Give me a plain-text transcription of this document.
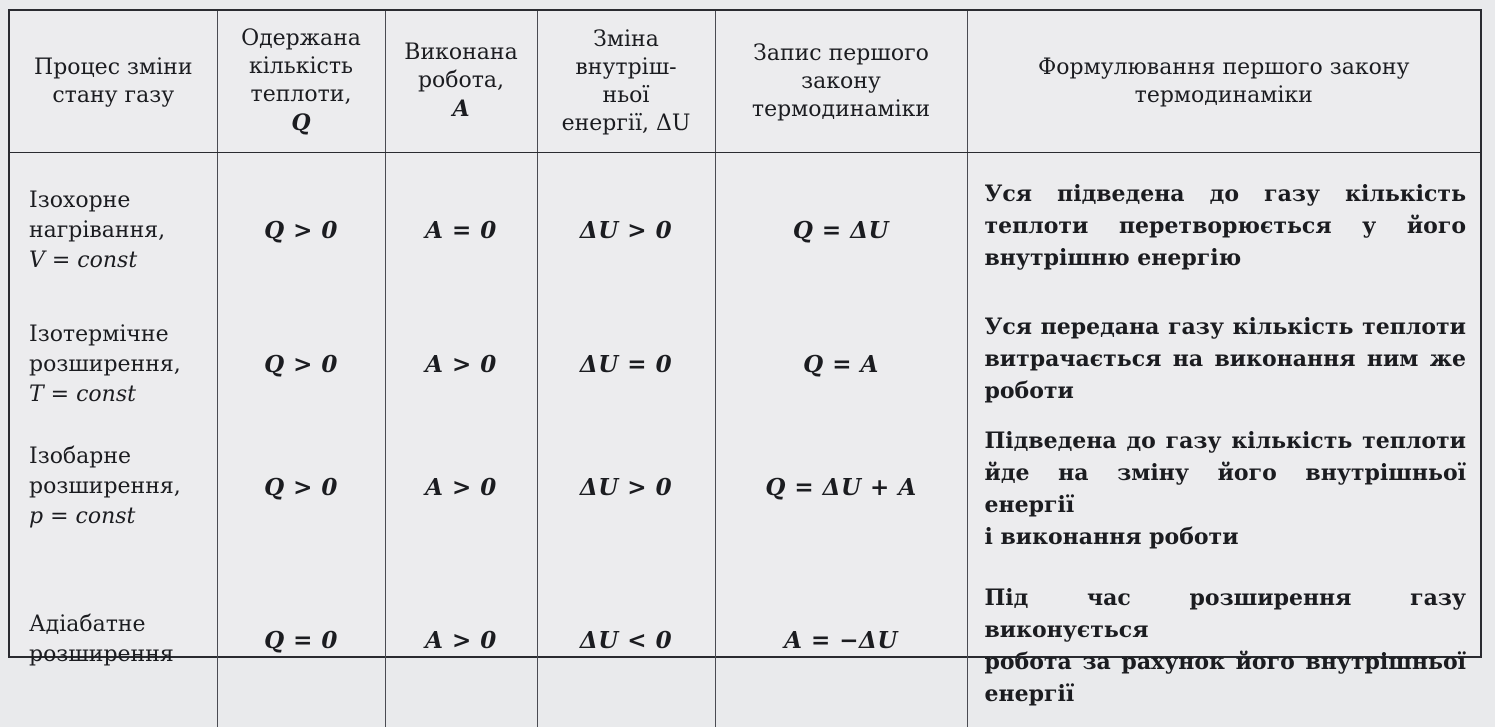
Процес зміни
стану газу	Одержана
кількість
теплоти,
Q	Виконана
робота,
A	Зміна
внутріш-
ньої
енергії, ΔU	Запис першого
закону
термодинаміки	Формулювання першого закону
термодинаміки

Ізохорне
нагрівання,
V = const	Q > 0	A = 0	ΔU > 0	Q = ΔU	Уся підведена до газу кількість
теплоти перетворюється у його
внутрішню енергію

Ізотермічне
розширення,
T = const	Q > 0	A > 0	ΔU = 0	Q = A	Уся передана газу кількість теплоти
витрачається на виконання ним же
роботи

Ізобарне
розширення,
p = const	Q > 0	A > 0	ΔU > 0	Q = ΔU + A	Підведена до газу кількість теплоти
йде на зміну його внутрішньої енергії
і виконання роботи

Адіабатне
розширення	Q = 0	A > 0	ΔU < 0	A = −ΔU	Під час розширення газу виконується
робота за рахунок його внутрішньої
енергії
